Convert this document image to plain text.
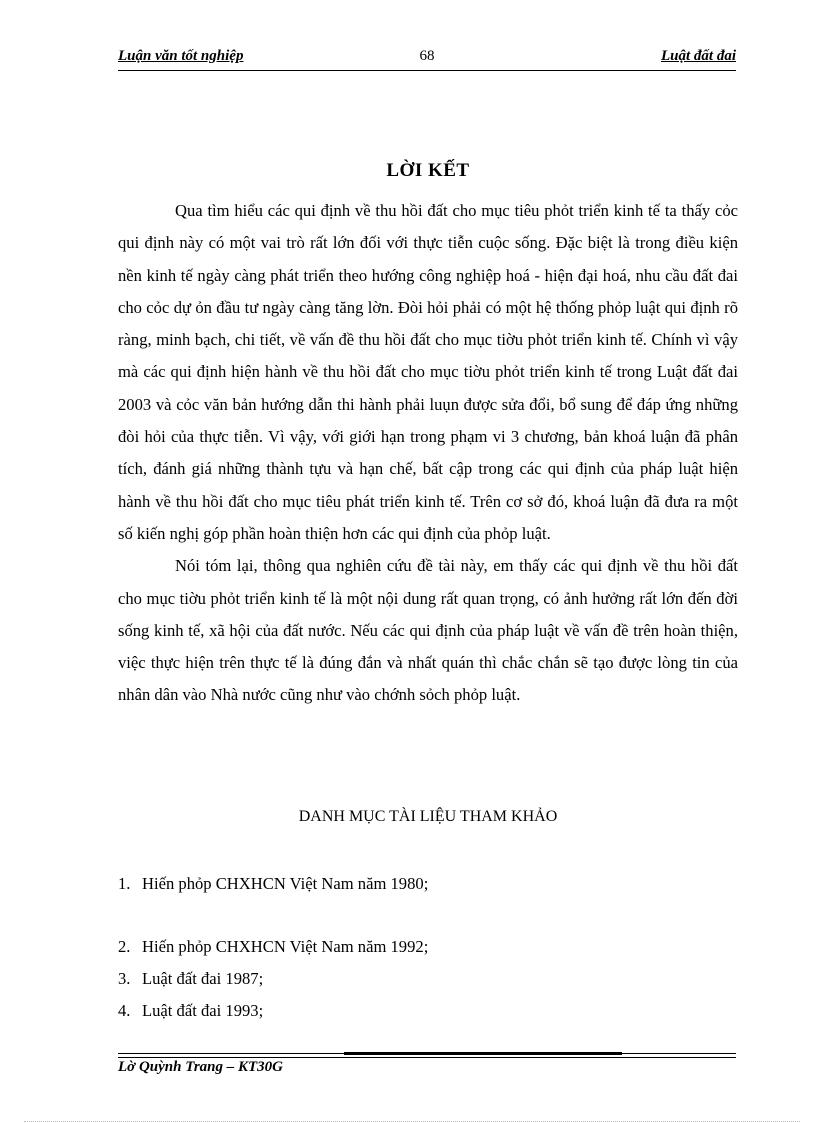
Luận văn tốt nghiệp	68	Luật đất đai
LỜI KẾT

Qua tìm hiểu các qui định về thu hồi đất cho mục tiêu phỏt triển kinh tế ta thấy cỏc qui định này có một vai trò rất lớn đối với thực tiễn cuộc sống. Đặc biệt là trong điều kiện nền kinh tế ngày càng phát triển theo hướng công nghiệp hoá - hiện đại hoá, nhu cầu đất đai cho cỏc dự ỏn đầu tư ngày càng tăng lờn. Đòi hỏi phải có một hệ thống phỏp luật qui định rõ ràng, minh bạch, chi tiết, về vấn đề thu hồi đất cho mục tiờu phỏt triển kinh tế. Chính vì vậy mà các qui định hiện hành về thu hồi đất cho mục tiờu phỏt triển kinh tế trong Luật đất đai 2003 và cỏc văn bản hướng dẫn thi hành phải luụn được sửa đổi, bổ sung để đáp ứng những đòi hỏi của thực tiễn. Vì vậy, với giới hạn trong phạm vi 3 chương, bản khoá luận đã phân tích, đánh giá những thành tựu và hạn chế, bất cập trong các qui định của pháp luật hiện hành về thu hồi đất cho mục tiêu phát triển kinh tế. Trên cơ sở đó, khoá luận đã đưa ra một số kiến nghị góp phần hoàn thiện hơn các qui định của phỏp luật.

Nói tóm lại, thông qua nghiên cứu đề tài này, em thấy các qui định về thu hồi đất cho mục tiờu phỏt triển kinh tế là một nội dung rất quan trọng, có ảnh hưởng rất lớn đến đời sống kinh tế, xã hội của đất nước. Nếu các qui định của pháp luật về vấn đề trên hoàn thiện, việc thực hiện trên thực tế là đúng đắn và nhất quán thì chắc chắn sẽ tạo được lòng tin của nhân dân vào Nhà nước cũng như vào chớnh sỏch phỏp luật.

DANH MỤC TÀI LIỆU THAM KHẢO
1. Hiến phỏp CHXHCN Việt Nam năm 1980;
2. Hiến phỏp CHXHCN Việt Nam năm 1992;
3. Luật đất đai 1987;
4. Luật đất đai 1993;
Lờ Quỳnh Trang – KT30G
